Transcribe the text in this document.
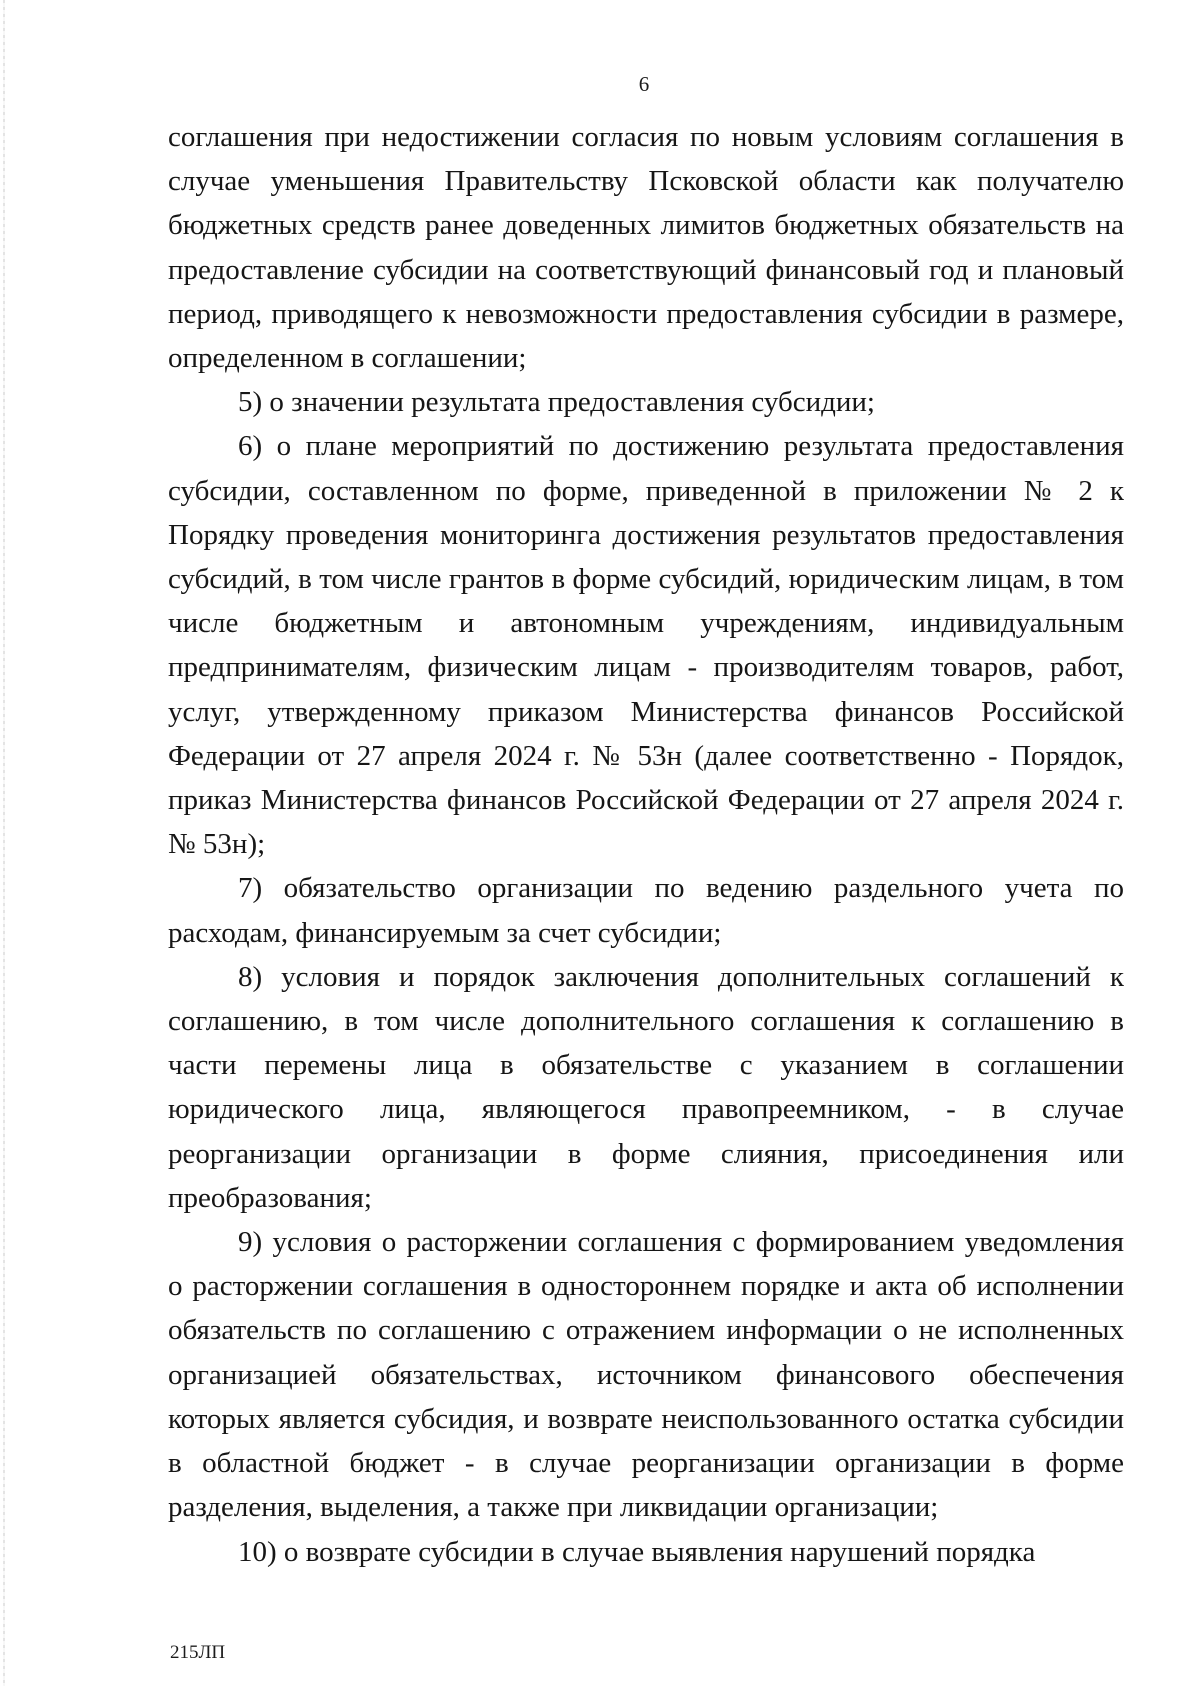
6

соглашения при недостижении согласия по новым условиям соглашения в случае уменьшения Правительству Псковской области как получателю бюджетных средств ранее доведенных лимитов бюджетных обязательств на предоставление субсидии на соответствующий финансовый год и плановый период, приводящего к невозможности предоставления субсидии в размере, определенном в соглашении;

5) о значении результата предоставления субсидии;

6) о плане мероприятий по достижению результата предоставления субсидии, составленном по форме, приведенной в приложении № 2 к Порядку проведения мониторинга достижения результатов предоставления субсидий, в том числе грантов в форме субсидий, юридическим лицам, в том числе бюджетным и автономным учреждениям, индивидуальным предпринимателям, физическим лицам - производителям товаров, работ, услуг, утвержденному приказом Министерства финансов Российской Федерации от 27 апреля 2024 г. № 53н (далее соответственно - Порядок, приказ Министерства финансов Российской Федерации от 27 апреля 2024 г. № 53н);

7) обязательство организации по ведению раздельного учета по расходам, финансируемым за счет субсидии;

8) условия и порядок заключения дополнительных соглашений к соглашению, в том числе дополнительного соглашения к соглашению в части перемены лица в обязательстве с указанием в соглашении юридического лица, являющегося правопреемником, - в случае реорганизации организации в форме слияния, присоединения или преобразования;

9) условия о расторжении соглашения с формированием уведомления о расторжении соглашения в одностороннем порядке и акта об исполнении обязательств по соглашению с отражением информации о не исполненных организацией обязательствах, источником финансового обеспечения которых является субсидия, и возврате неиспользованного остатка субсидии в областной бюджет - в случае реорганизации организации в форме разделения, выделения, а также при ликвидации организации;

10) о возврате субсидии в случае выявления нарушений порядка

215ЛП
